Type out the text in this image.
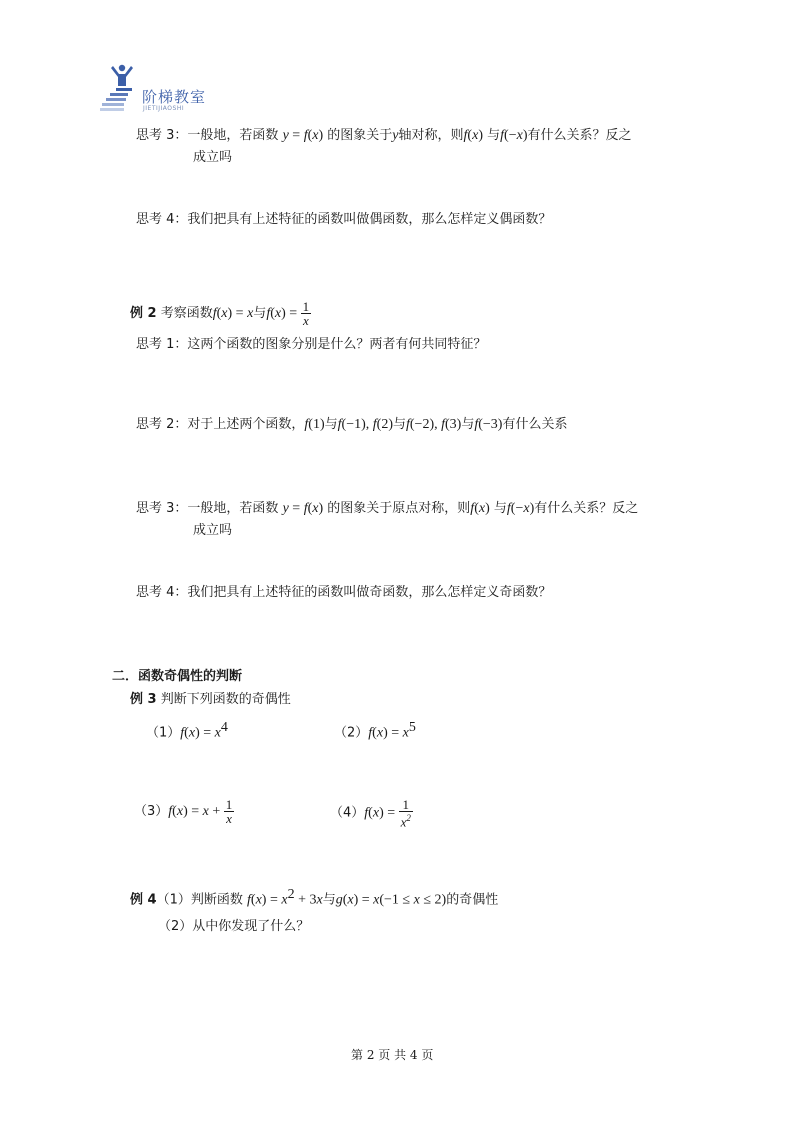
阶梯教室
JIETIJIAOSHI
思考 3：一般地，若函数 y = f(x) 的图象关于y轴对称，则f(x) 与f(−x)有什么关系？反之
成立吗
思考 4：我们把具有上述特征的函数叫做偶函数，那么怎样定义偶函数？
例 2 考察函数f(x) = x与$f(x) = \frac{1}{x}$
思考 1：这两个函数的图象分别是什么？两者有何共同特征？
思考 2：对于上述两个函数，f(1)与f(−1), f(2)与f(−2), f(3)与f(−3)有什么关系
思考 3：一般地，若函数 y = f(x) 的图象关于原点对称，则f(x) 与f(−x)有什么关系？反之
成立吗
思考 4：我们把具有上述特征的函数叫做奇函数，那么怎样定义奇函数？
二．函数奇偶性的判断
例 3 判断下列函数的奇偶性
$(1)f(x) = x^4$	$(2)f(x) = x^5$
$(3)f(x) = x + \frac{1}{x}$	$(4)f(x) = \frac{1}{x^2}$
例 4（1）判断函数 $f(x) = x^2 + 3x$与g(x) = x(−1 ≤ x ≤ 2)的奇偶性
（2）从中你发现了什么？
第 2 页 共 4 页
